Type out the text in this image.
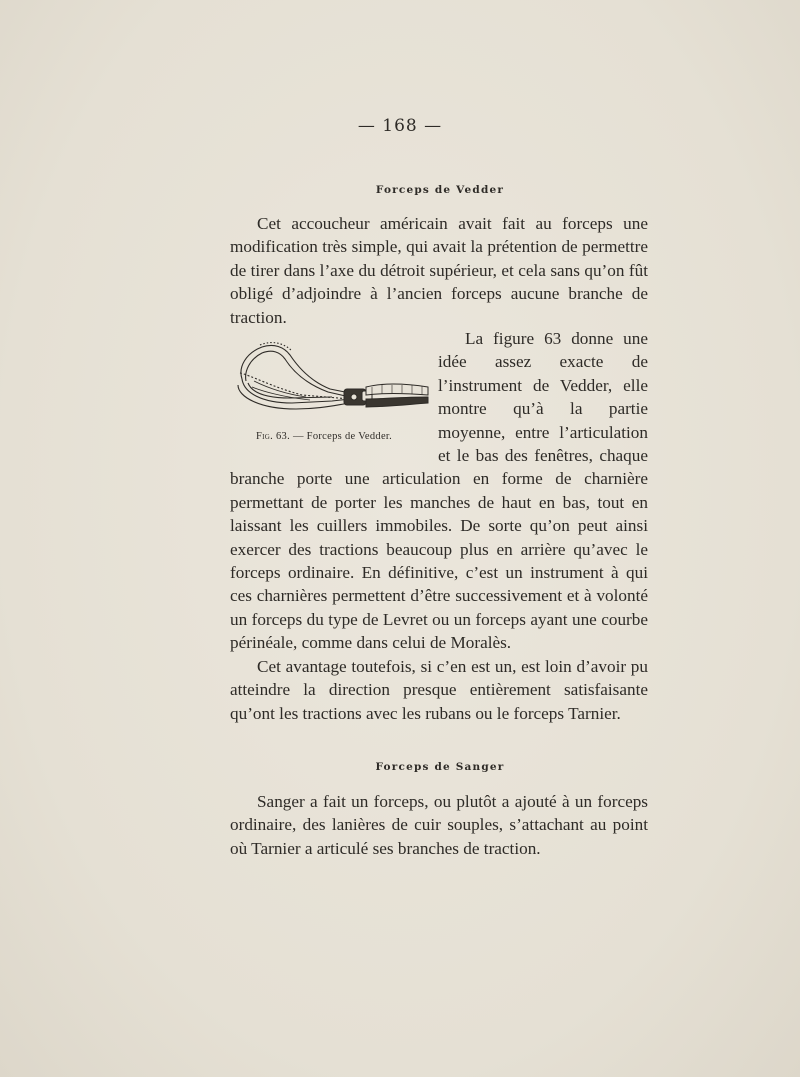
— 168 —
Forceps de Vedder

Cet accoucheur américain avait fait au forceps une modification très simple, qui avait la prétention de permettre de tirer dans l’axe du détroit supérieur, et cela sans qu’on fût obligé d’adjoindre à l’ancien forceps aucune branche de traction.

Fig. 63. — Forceps de Vedder.

La figure 63 donne une idée assez exacte de l’instrument de Vedder, elle montre qu’à la partie moyenne, entre l’articulation et le bas des fenêtres, chaque branche porte une articulation en forme de charnière permettant de porter les manches de haut en bas, tout en laissant les cuillers immobiles. De sorte qu’on peut ainsi exercer des tractions beaucoup plus en arrière qu’avec le forceps ordinaire. En définitive, c’est un instrument à qui ces charnières permettent d’être successivement et à volonté un forceps du type de Levret ou un forceps ayant une courbe périnéale, comme dans celui de Moralès.

Cet avantage toutefois, si c’en est un, est loin d’avoir pu atteindre la direction presque entièrement satisfaisante qu’ont les tractions avec les rubans ou le forceps Tarnier.

Forceps de Sanger

Sanger a fait un forceps, ou plutôt a ajouté à un forceps ordinaire, des lanières de cuir souples, s’attachant au point où Tarnier a articulé ses branches de traction.
